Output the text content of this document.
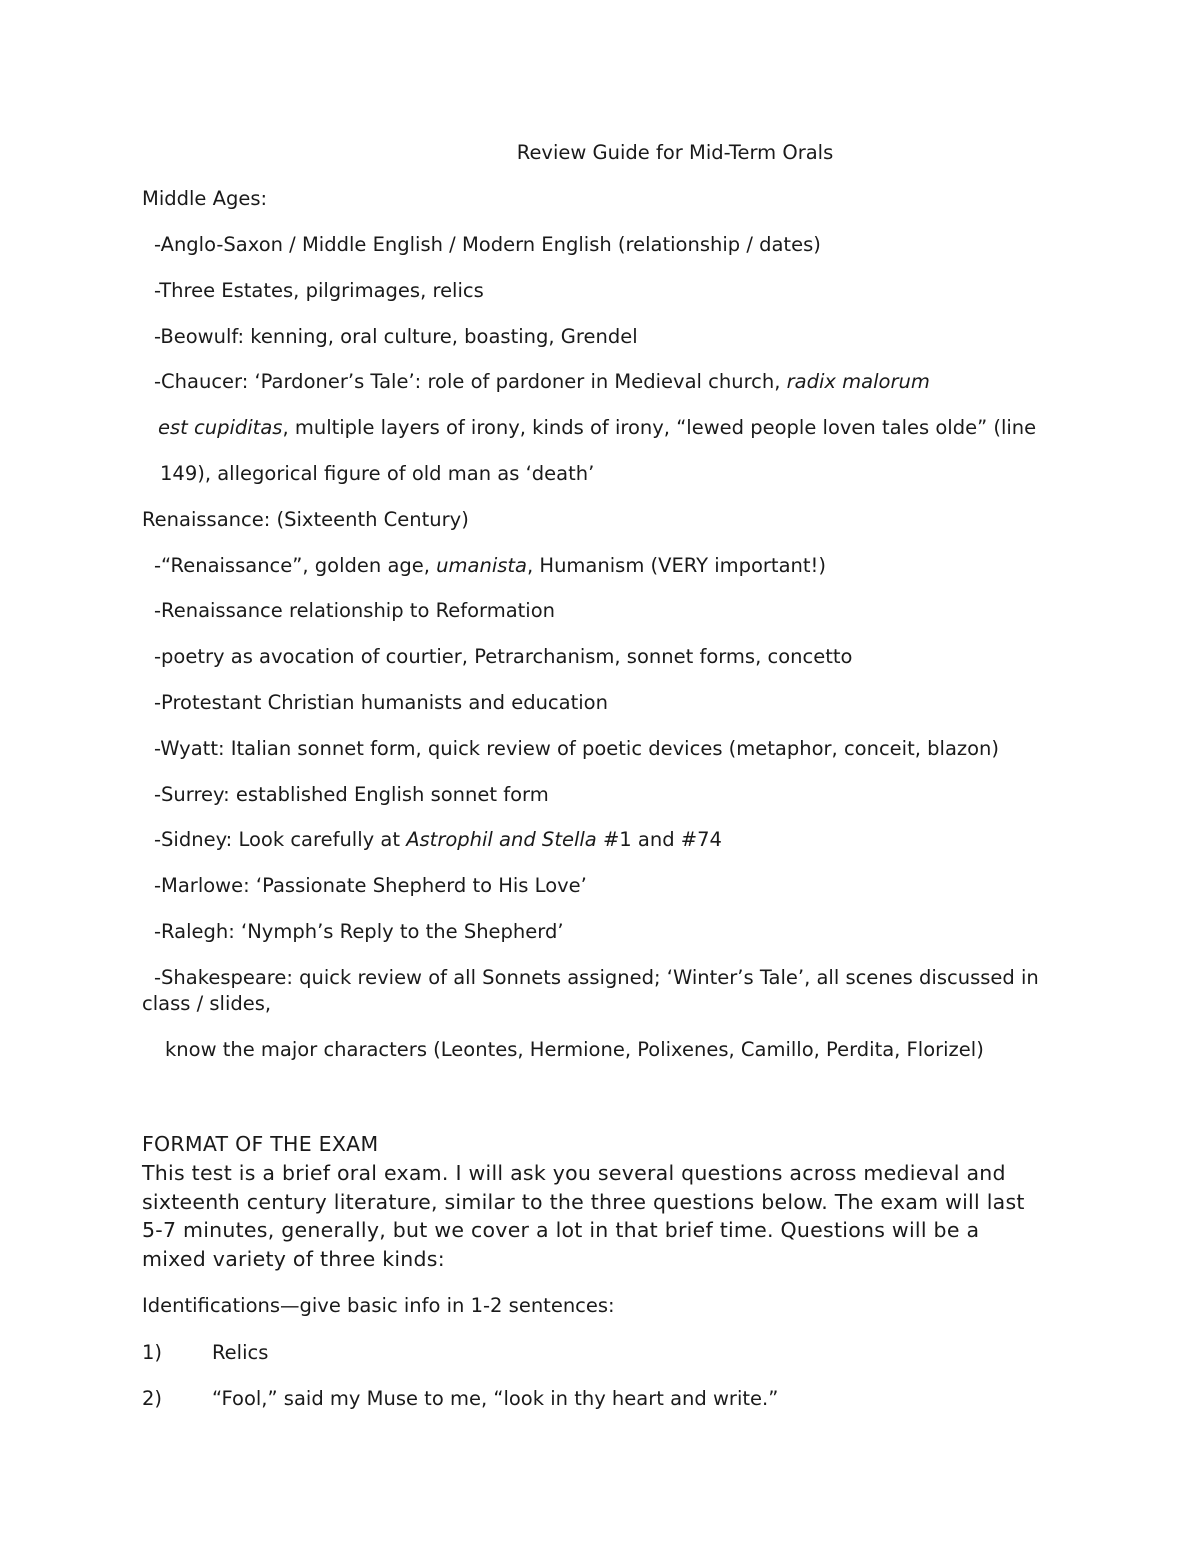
Review Guide for Mid-Term Orals
Middle Ages:
-Anglo-Saxon / Middle English / Modern English (relationship / dates)
-Three Estates, pilgrimages, relics
-Beowulf: kenning, oral culture, boasting, Grendel
-Chaucer: ‘Pardoner’s Tale’: role of pardoner in Medieval church, radix malorum
est cupiditas, multiple layers of irony, kinds of irony, “lewed people loven tales olde” (line
149), allegorical figure of old man as ‘death’
Renaissance: (Sixteenth Century)
-“Renaissance”, golden age, umanista, Humanism (VERY important!)
-Renaissance relationship to Reformation
-poetry as avocation of courtier, Petrarchanism, sonnet forms, concetto
-Protestant Christian humanists and education
-Wyatt: Italian sonnet form, quick review of poetic devices (metaphor, conceit, blazon)
-Surrey: established English sonnet form
-Sidney: Look carefully at Astrophil and Stella #1 and #74
-Marlowe: ‘Passionate Shepherd to His Love’
-Ralegh: ‘Nymph’s Reply to the Shepherd’
-Shakespeare: quick review of all Sonnets assigned; ‘Winter’s Tale’, all scenes discussed in
class / slides,
know the major characters (Leontes, Hermione, Polixenes, Camillo, Perdita, Florizel)
FORMAT OF THE EXAM
This test is a brief oral exam. I will ask you several questions across medieval and
sixteenth century literature, similar to the three questions below. The exam will last
5-7 minutes, generally, but we cover a lot in that brief time. Questions will be a
mixed variety of three kinds:
Identifications—give basic info in 1-2 sentences:
1)	Relics
2)	“Fool,” said my Muse to me, “look in thy heart and write.”
